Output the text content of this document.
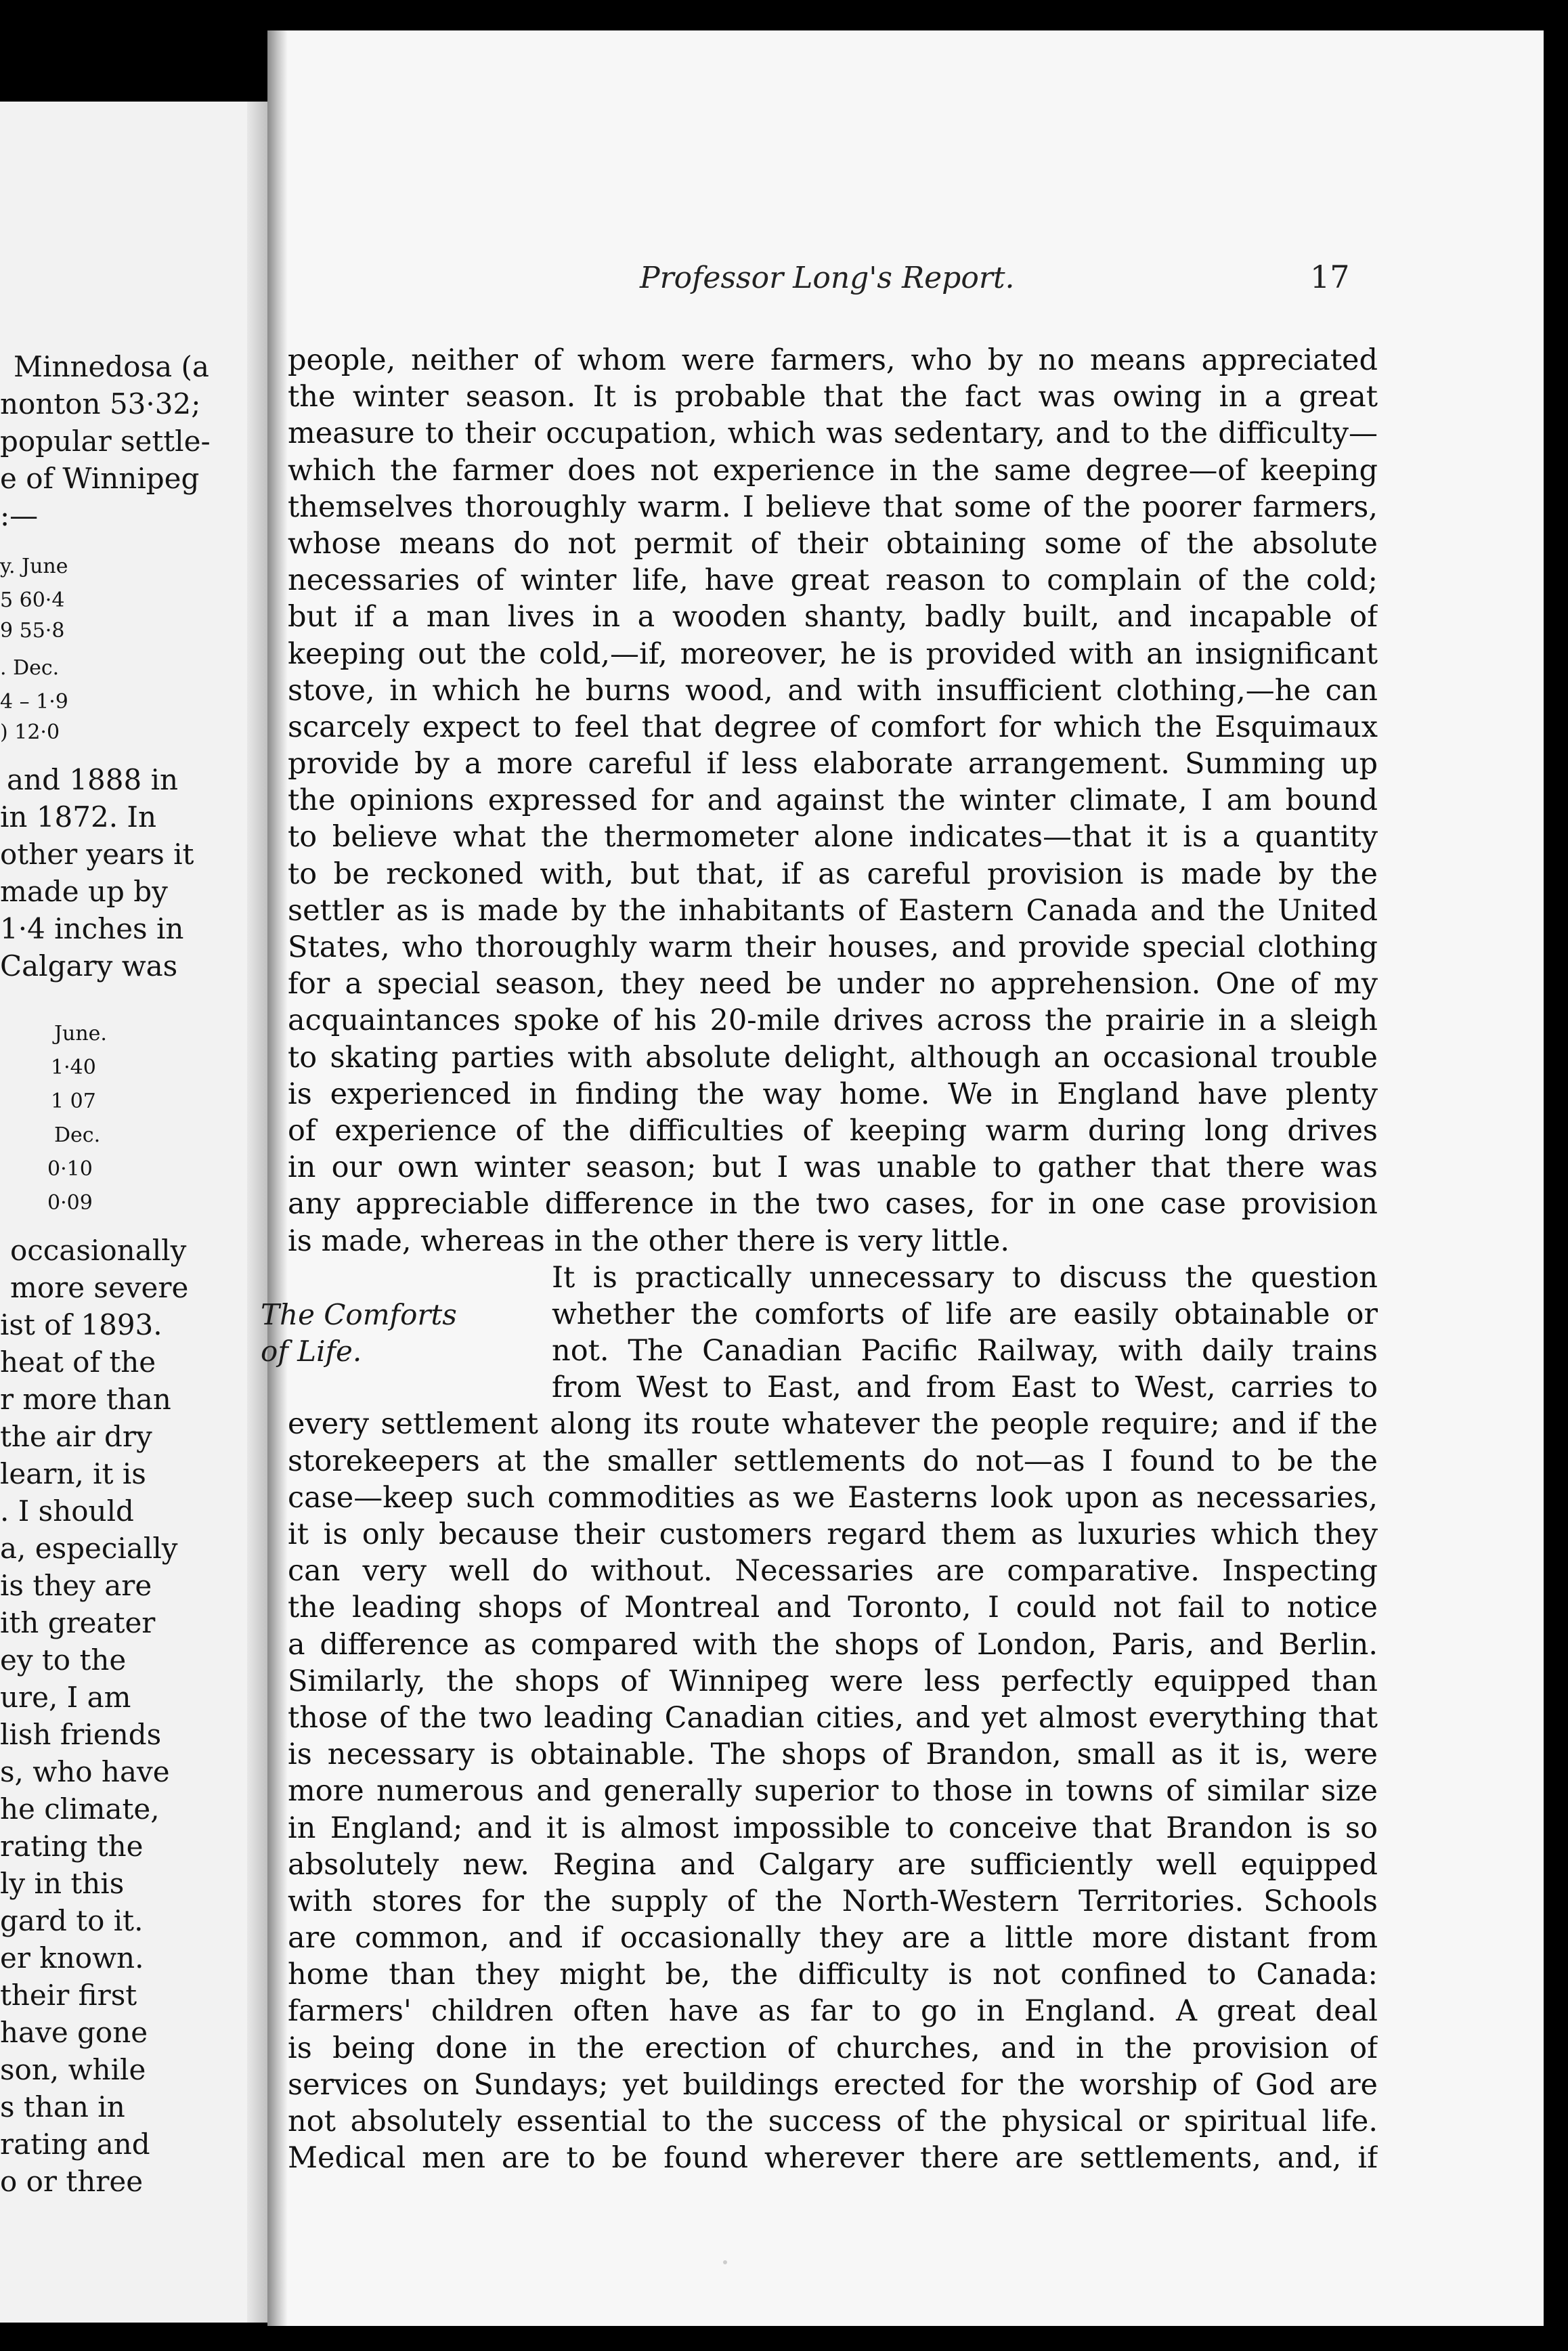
Minnedosa (a
nonton 53·32;
popular settle-
e of Winnipeg
:—
y. June
5 60·4
9 55·8
. Dec.
4 – 1·9
) 12·0
and 1888 in
in 1872. In
other years it
made up by
1·4 inches in
Calgary was
June.
1·40
1 07
Dec.
0·10
0·09
occasionally
more severe
ist of 1893.
heat of the
r more than
the air dry
learn, it is
. I should
a, especially
is they are
ith greater
ey to the
ure, I am
lish friends
s, who have
he climate,
rating the
ly in this
gard to it.
er known.
their first
have gone
son, while
s than in
rating and
o or three
Professor Long's Report.	17
The Comforts
of Life.
people, neither of whom were farmers, who by no means appreciated
the winter season. It is probable that the fact was owing in a great
measure to their occupation, which was sedentary, and to the difficulty—
which the farmer does not experience in the same degree—of keeping
themselves thoroughly warm. I believe that some of the poorer farmers,
whose means do not permit of their obtaining some of the absolute
necessaries of winter life, have great reason to complain of the cold;
but if a man lives in a wooden shanty, badly built, and incapable of
keeping out the cold,—if, moreover, he is provided with an insignificant
stove, in which he burns wood, and with insufficient clothing,—he can
scarcely expect to feel that degree of comfort for which the Esquimaux
provide by a more careful if less elaborate arrangement. Summing up
the opinions expressed for and against the winter climate, I am bound
to believe what the thermometer alone indicates—that it is a quantity
to be reckoned with, but that, if as careful provision is made by the
settler as is made by the inhabitants of Eastern Canada and the United
States, who thoroughly warm their houses, and provide special clothing
for a special season, they need be under no apprehension. One of my
acquaintances spoke of his 20-mile drives across the prairie in a sleigh
to skating parties with absolute delight, although an occasional trouble
is experienced in finding the way home. We in England have plenty
of experience of the difficulties of keeping warm during long drives
in our own winter season; but I was unable to gather that there was
any appreciable difference in the two cases, for in one case provision
is made, whereas in the other there is very little.
It is practically unnecessary to discuss the question
whether the comforts of life are easily obtainable or
not. The Canadian Pacific Railway, with daily trains
from West to East, and from East to West, carries to
every settlement along its route whatever the people require; and if the
storekeepers at the smaller settlements do not—as I found to be the
case—keep such commodities as we Easterns look upon as necessaries,
it is only because their customers regard them as luxuries which they
can very well do without. Necessaries are comparative. Inspecting
the leading shops of Montreal and Toronto, I could not fail to notice
a difference as compared with the shops of London, Paris, and Berlin.
Similarly, the shops of Winnipeg were less perfectly equipped than
those of the two leading Canadian cities, and yet almost everything that
is necessary is obtainable. The shops of Brandon, small as it is, were
more numerous and generally superior to those in towns of similar size
in England; and it is almost impossible to conceive that Brandon is so
absolutely new. Regina and Calgary are sufficiently well equipped
with stores for the supply of the North-Western Territories. Schools
are common, and if occasionally they are a little more distant from
home than they might be, the difficulty is not confined to Canada:
farmers' children often have as far to go in England. A great deal
is being done in the erection of churches, and in the provision of
services on Sundays; yet buildings erected for the worship of God are
not absolutely essential to the success of the physical or spiritual life.
Medical men are to be found wherever there are settlements, and, if
